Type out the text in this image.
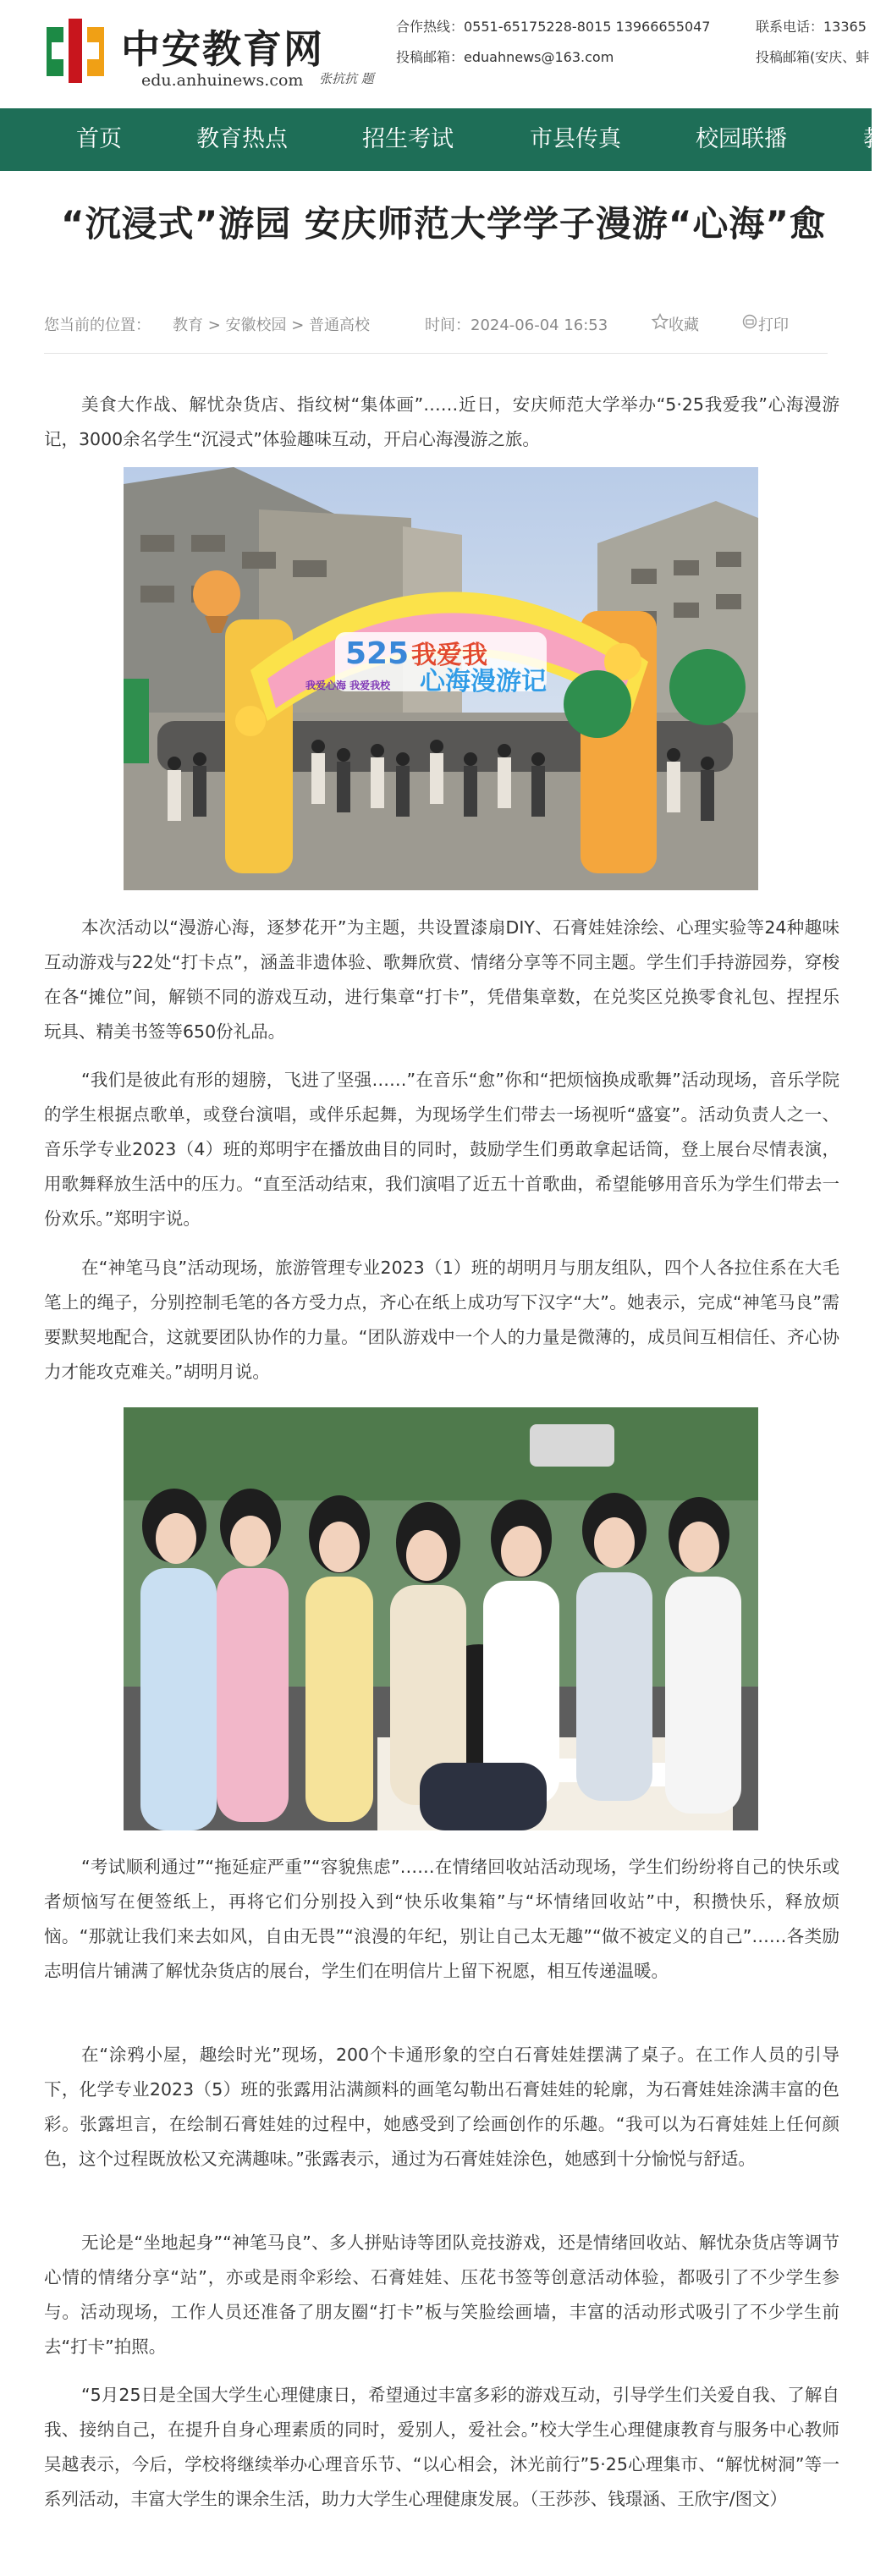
中安教育网
edu.anhuinews.com 张抗抗 题
合作热线：0551-65175228-8015 13966655047
投稿邮箱：eduahnews@163.com
联系电话：13365
投稿邮箱(安庆、蚌
首页	教育热点	招生考试	市县传真	校园联播	教
“沉浸式”游园 安庆师范大学学子漫游“心海”愈
您当前的位置： 教育 > 安徽校园 > 普通高校	时间：2024-06-04 16:53	收藏	打印
美食大作战、解忧杂货店、指纹树“集体画”……近日，安庆师范大学举办“5·25我爱我”心海漫游记，3000余名学生“沉浸式”体验趣味互动，开启心海漫游之旅。
525 我爱我
心海漫游记
我爱心海 我爱我校
本次活动以“漫游心海，逐梦花开”为主题，共设置漆扇DIY、石膏娃娃涂绘、心理实验等24种趣味互动游戏与22处“打卡点”，涵盖非遗体验、歌舞欣赏、情绪分享等不同主题。学生们手持游园券，穿梭在各“摊位”间，解锁不同的游戏互动，进行集章“打卡”，凭借集章数，在兑奖区兑换零食礼包、捏捏乐玩具、精美书签等650份礼品。
“我们是彼此有形的翅膀，飞进了坚强……”在音乐“愈”你和“把烦恼换成歌舞”活动现场，音乐学院的学生根据点歌单，或登台演唱，或伴乐起舞，为现场学生们带去一场视听“盛宴”。活动负责人之一、音乐学专业2023（4）班的郑明宇在播放曲目的同时，鼓励学生们勇敢拿起话筒，登上展台尽情表演，用歌舞释放生活中的压力。“直至活动结束，我们演唱了近五十首歌曲，希望能够用音乐为学生们带去一份欢乐。”郑明宇说。
在“神笔马良”活动现场，旅游管理专业2023（1）班的胡明月与朋友组队，四个人各拉住系在大毛笔上的绳子，分别控制毛笔的各方受力点，齐心在纸上成功写下汉字“大”。她表示，完成“神笔马良”需要默契地配合，这就要团队协作的力量。“团队游戏中一个人的力量是微薄的，成员间互相信任、齐心协力才能攻克难关。”胡明月说。
“考试顺利通过”“拖延症严重”“容貌焦虑”……在情绪回收站活动现场，学生们纷纷将自己的快乐或者烦恼写在便签纸上，再将它们分别投入到“快乐收集箱”与“坏情绪回收站”中，积攒快乐，释放烦恼。“那就让我们来去如风，自由无畏”“浪漫的年纪，别让自己太无趣”“做不被定义的自己”……各类励志明信片铺满了解忧杂货店的展台，学生们在明信片上留下祝愿，相互传递温暖。
在“涂鸦小屋，趣绘时光”现场，200个卡通形象的空白石膏娃娃摆满了桌子。在工作人员的引导下，化学专业2023（5）班的张露用沾满颜料的画笔勾勒出石膏娃娃的轮廓，为石膏娃娃涂满丰富的色彩。张露坦言，在绘制石膏娃娃的过程中，她感受到了绘画创作的乐趣。“我可以为石膏娃娃上任何颜色，这个过程既放松又充满趣味。”张露表示，通过为石膏娃娃涂色，她感到十分愉悦与舒适。
无论是“坐地起身”“神笔马良”、多人拼贴诗等团队竞技游戏，还是情绪回收站、解忧杂货店等调节心情的情绪分享“站”，亦或是雨伞彩绘、石膏娃娃、压花书签等创意活动体验，都吸引了不少学生参与。活动现场，工作人员还准备了朋友圈“打卡”板与笑脸绘画墙，丰富的活动形式吸引了不少学生前去“打卡”拍照。
“5月25日是全国大学生心理健康日，希望通过丰富多彩的游戏互动，引导学生们关爱自我、了解自我、接纳自己，在提升自身心理素质的同时，爱别人，爱社会。”校大学生心理健康教育与服务中心教师吴越表示，今后，学校将继续举办心理音乐节、“以心相会，沐光前行”5·25心理集市、“解忧树洞”等一系列活动，丰富大学生的课余生活，助力大学生心理健康发展。（王莎莎、钱璟涵、王欣宇/图文）
